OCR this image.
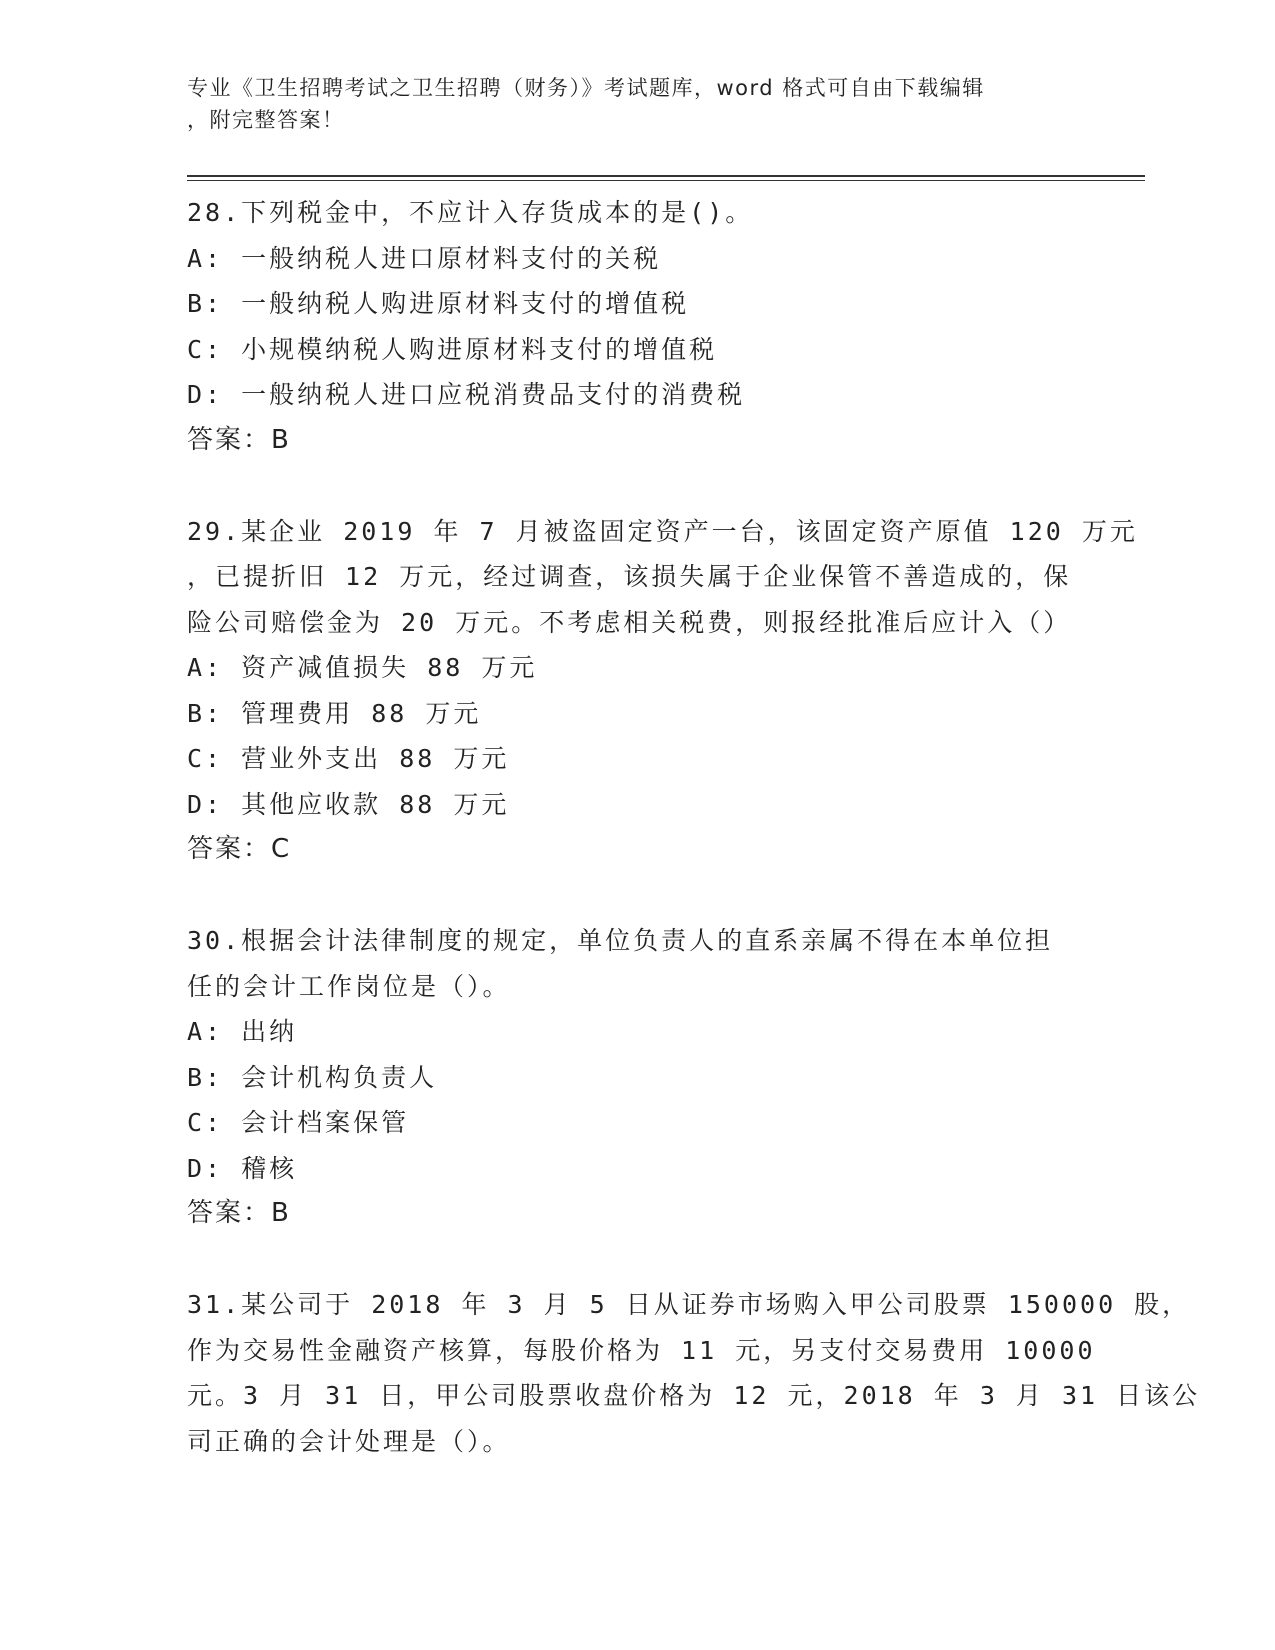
专业《卫生招聘考试之卫生招聘（财务）》考试题库，word 格式可自由下载编辑
，附完整答案！
28.下列税金中，不应计入存货成本的是()。
A: 一般纳税人进口原材料支付的关税
B: 一般纳税人购进原材料支付的增值税
C: 小规模纳税人购进原材料支付的增值税
D: 一般纳税人进口应税消费品支付的消费税
答案：B
29.某企业 2019 年 7 月被盗固定资产一台，该固定资产原值 120 万元
，已提折旧 12 万元，经过调查，该损失属于企业保管不善造成的，保
险公司赔偿金为 20 万元。不考虑相关税费，则报经批准后应计入（）
A: 资产减值损失 88 万元
B: 管理费用 88 万元
C: 营业外支出 88 万元
D: 其他应收款 88 万元
答案：C
30.根据会计法律制度的规定，单位负责人的直系亲属不得在本单位担
任的会计工作岗位是（）。
A: 出纳
B: 会计机构负责人
C: 会计档案保管
D: 稽核
答案：B
31.某公司于 2018 年 3 月 5 日从证券市场购入甲公司股票 150000 股，
作为交易性金融资产核算，每股价格为 11 元，另支付交易费用 10000
元。3 月 31 日，甲公司股票收盘价格为 12 元，2018 年 3 月 31 日该公
司正确的会计处理是（）。
